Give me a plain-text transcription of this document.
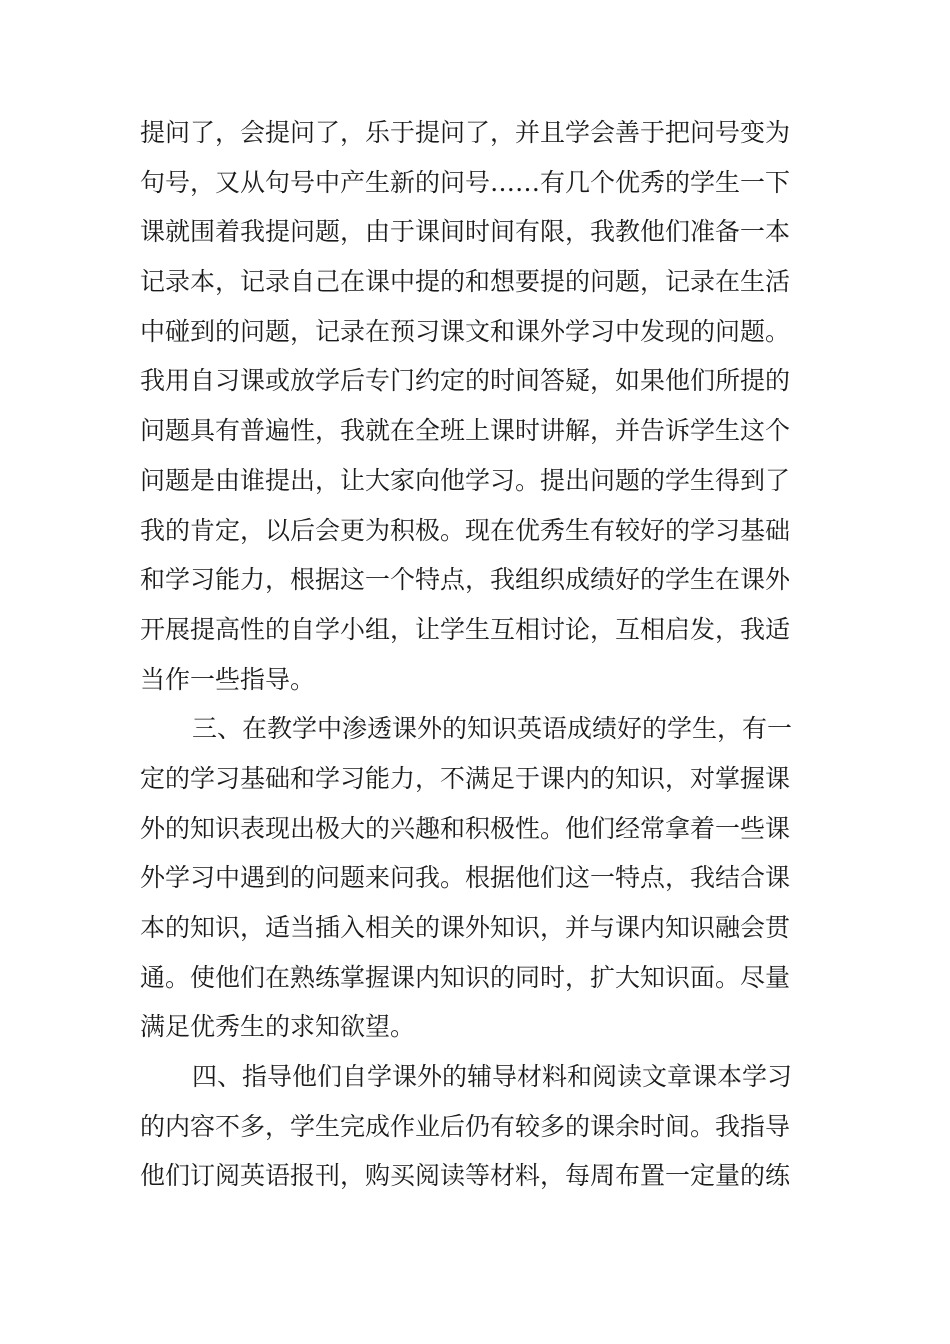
提问了，会提问了，乐于提问了，并且学会善于把问号变为
句号，又从句号中产生新的问号……有几个优秀的学生一下
课就围着我提问题，由于课间时间有限，我教他们准备一本
记录本，记录自己在课中提的和想要提的问题，记录在生活
中碰到的问题，记录在预习课文和课外学习中发现的问题。
我用自习课或放学后专门约定的时间答疑，如果他们所提的
问题具有普遍性，我就在全班上课时讲解，并告诉学生这个
问题是由谁提出，让大家向他学习。提出问题的学生得到了
我的肯定，以后会更为积极。现在优秀生有较好的学习基础
和学习能力，根据这一个特点，我组织成绩好的学生在课外
开展提高性的自学小组，让学生互相讨论，互相启发，我适
当作一些指导。
三、在教学中渗透课外的知识英语成绩好的学生，有一
定的学习基础和学习能力，不满足于课内的知识，对掌握课
外的知识表现出极大的兴趣和积极性。他们经常拿着一些课
外学习中遇到的问题来问我。根据他们这一特点，我结合课
本的知识，适当插入相关的课外知识，并与课内知识融会贯
通。使他们在熟练掌握课内知识的同时，扩大知识面。尽量
满足优秀生的求知欲望。
四、指导他们自学课外的辅导材料和阅读文章课本学习
的内容不多，学生完成作业后仍有较多的课余时间。我指导
他们订阅英语报刊，购买阅读等材料，每周布置一定量的练
